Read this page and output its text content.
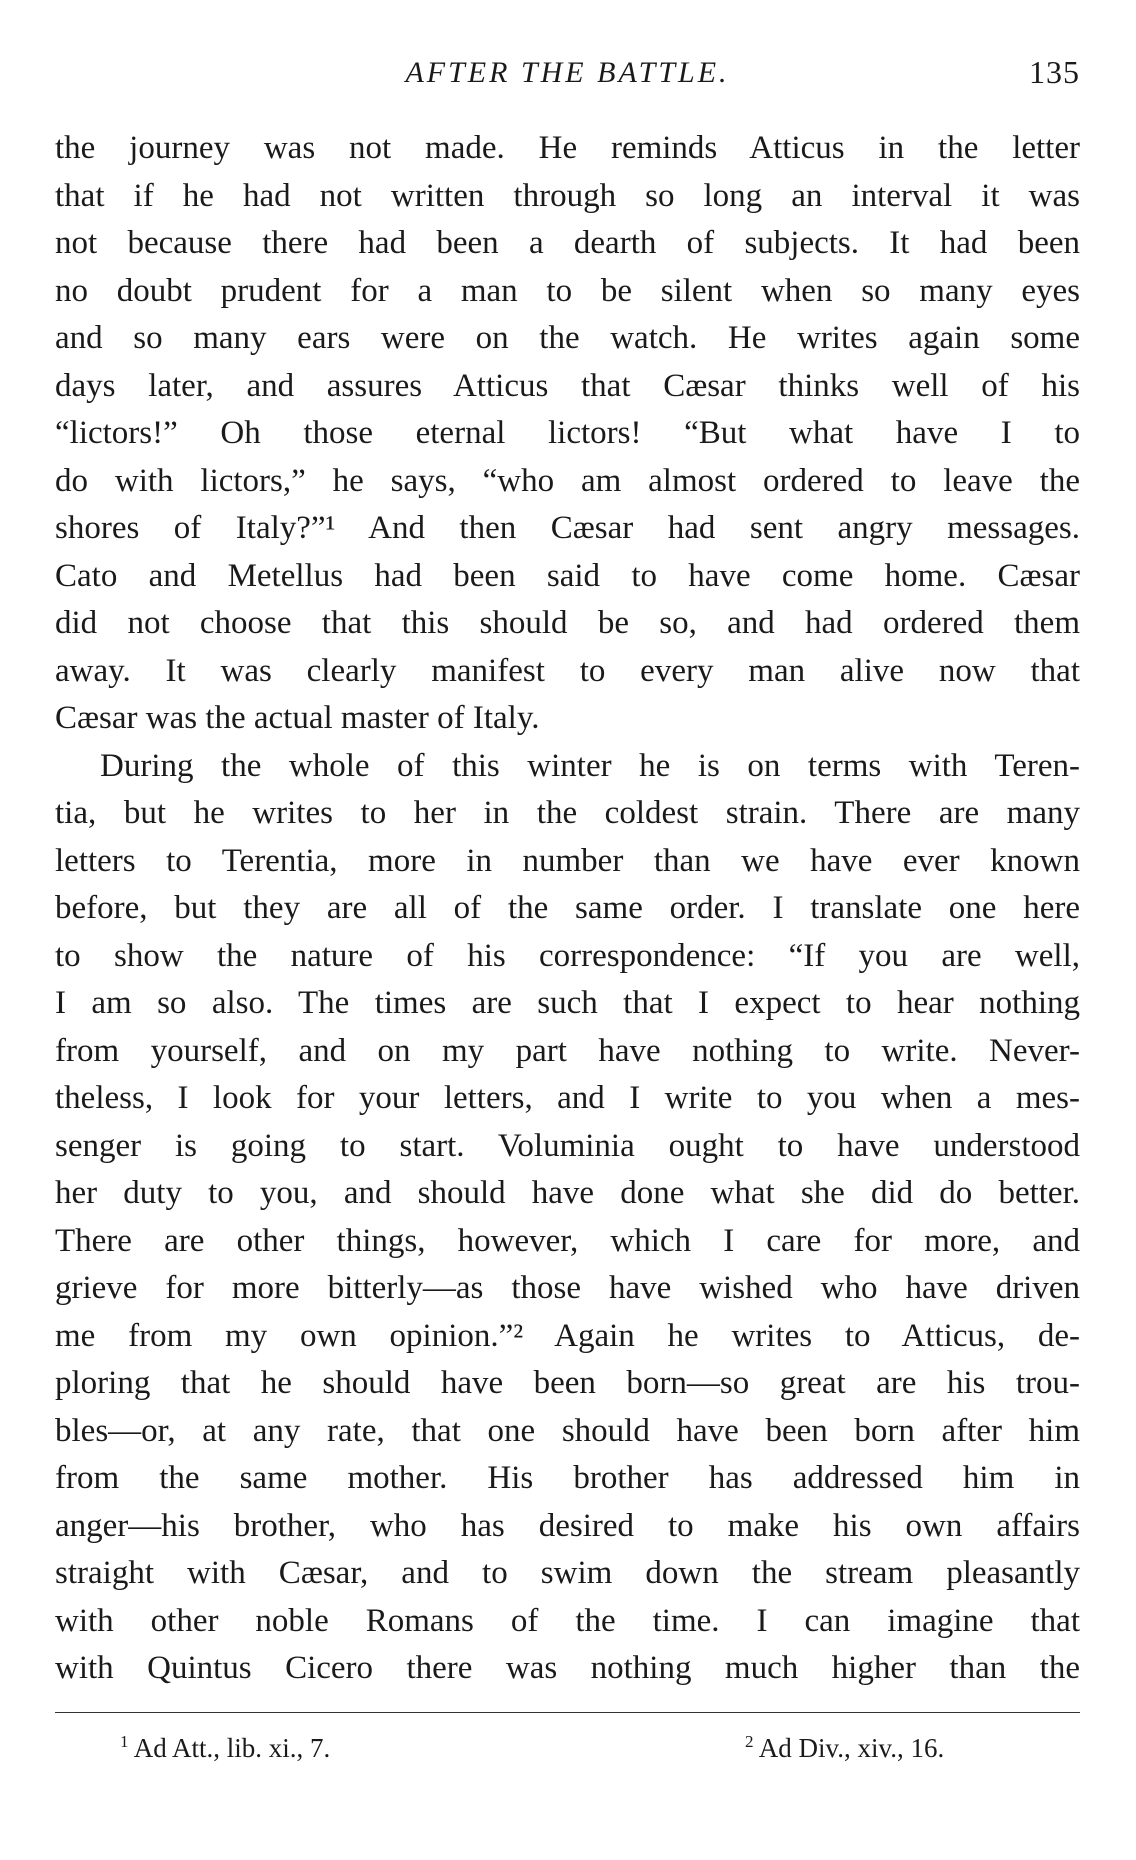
AFTER THE BATTLE.	135
the journey was not made. He reminds Atticus in the letter
that if he had not written through so long an interval it was
not because there had been a dearth of subjects. It had been
no doubt prudent for a man to be silent when so many eyes
and so many ears were on the watch. He writes again some
days later, and assures Atticus that Cæsar thinks well of his
“lictors!” Oh those eternal lictors! “But what have I to
do with lictors,” he says, “who am almost ordered to leave the
shores of Italy?”¹ And then Cæsar had sent angry messages.
Cato and Metellus had been said to have come home. Cæsar
did not choose that this should be so, and had ordered them
away. It was clearly manifest to every man alive now that
Cæsar was the actual master of Italy.
During the whole of this winter he is on terms with Teren-
tia, but he writes to her in the coldest strain. There are many
letters to Terentia, more in number than we have ever known
before, but they are all of the same order. I translate one here
to show the nature of his correspondence: “If you are well,
I am so also. The times are such that I expect to hear nothing
from yourself, and on my part have nothing to write. Never-
theless, I look for your letters, and I write to you when a mes-
senger is going to start. Voluminia ought to have understood
her duty to you, and should have done what she did do better.
There are other things, however, which I care for more, and
grieve for more bitterly—as those have wished who have driven
me from my own opinion.”² Again he writes to Atticus, de-
ploring that he should have been born—so great are his trou-
bles—or, at any rate, that one should have been born after him
from the same mother. His brother has addressed him in
anger—his brother, who has desired to make his own affairs
straight with Cæsar, and to swim down the stream pleasantly
with other noble Romans of the time. I can imagine that
with Quintus Cicero there was nothing much higher than the
$^1$ Ad Att., lib. xi., 7.	$^2$ Ad Div., xiv., 16.
